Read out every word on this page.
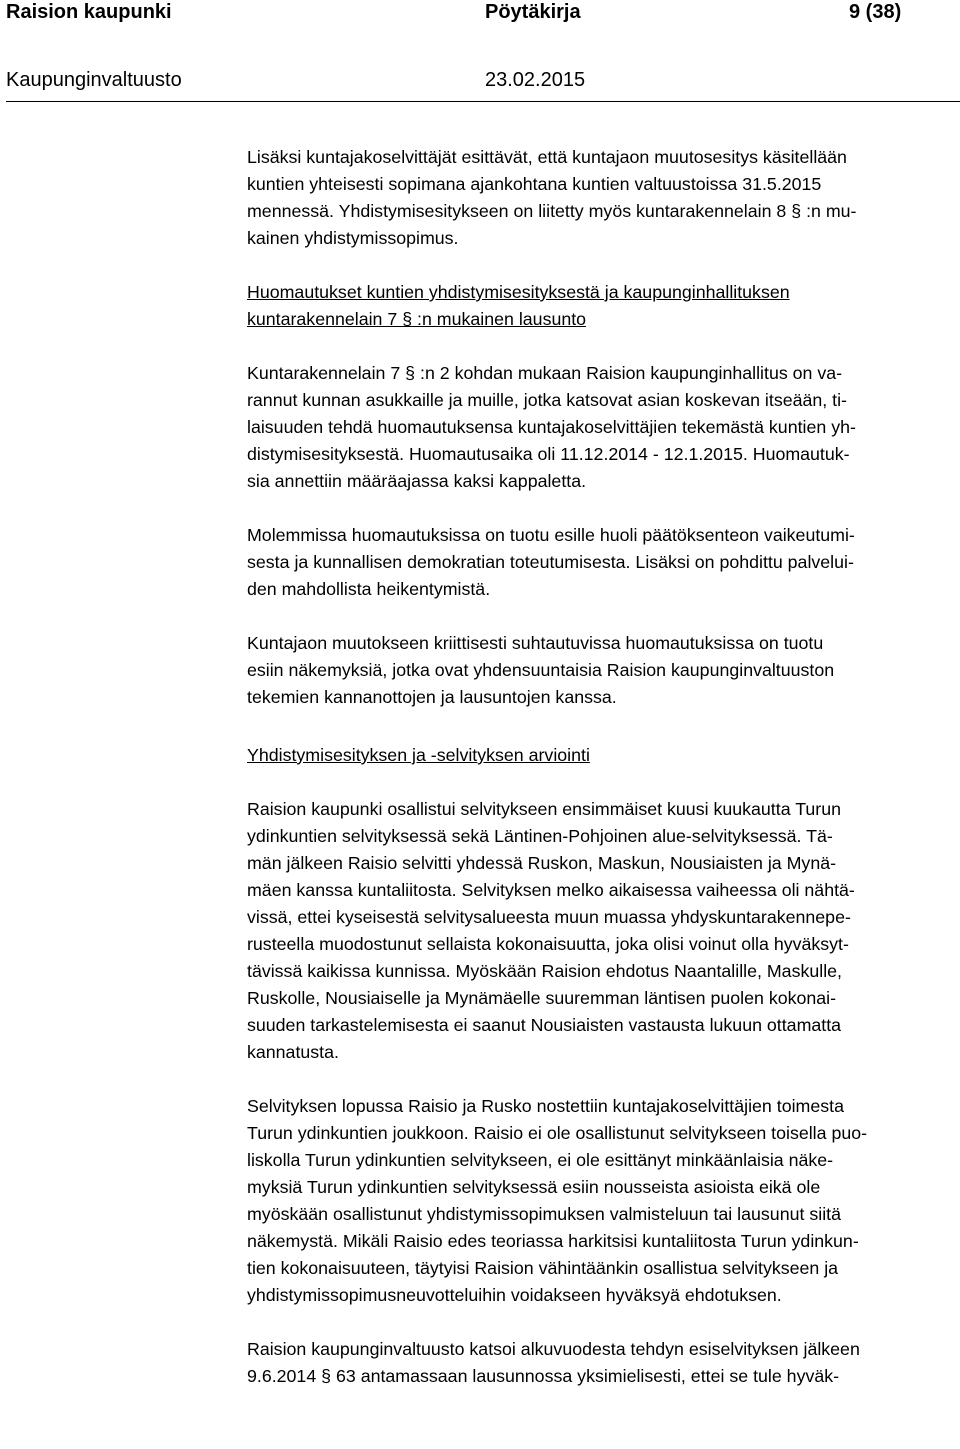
Raision kaupunki	Pöytäkirja	9 (38)
Kaupunginvaltuusto	23.02.2015
Lisäksi kuntajakoselvittäjät esittävät, että kuntajaon muutosesitys käsitellään
kuntien yhteisesti sopimana ajankohtana kuntien valtuustoissa 31.5.2015
mennessä. Yhdistymisesitykseen on liitetty myös kuntarakennelain 8 § :n mu-
kainen yhdistymissopimus.
Huomautukset kuntien yhdistymisesityksestä ja kaupunginhallituksen
kuntarakennelain 7 § :n mukainen lausunto
Kuntarakennelain 7 § :n 2 kohdan mukaan Raision kaupunginhallitus on va-
rannut kunnan asukkaille ja muille, jotka katsovat asian koskevan itseään, ti-
laisuuden tehdä huomautuksensa kuntajakoselvittäjien tekemästä kuntien yh-
distymisesityksestä. Huomautusaika oli 11.12.2014 - 12.1.2015. Huomautuk-
sia annettiin määräajassa kaksi kappaletta.
Molemmissa huomautuksissa on tuotu esille huoli päätöksenteon vaikeutumi-
sesta ja kunnallisen demokratian toteutumisesta. Lisäksi on pohdittu palvelui-
den mahdollista heikentymistä.
Kuntajaon muutokseen kriittisesti suhtautuvissa huomautuksissa on tuotu
esiin näkemyksiä, jotka ovat yhdensuuntaisia Raision kaupunginvaltuuston
tekemien kannanottojen ja lausuntojen kanssa.
Yhdistymisesityksen ja -selvityksen arviointi
Raision kaupunki osallistui selvitykseen ensimmäiset kuusi kuukautta Turun
ydinkuntien selvityksessä sekä Läntinen-Pohjoinen alue-selvityksessä. Tä-
män jälkeen Raisio selvitti yhdessä Ruskon, Maskun, Nousiaisten ja Mynä-
mäen kanssa kuntaliitosta. Selvityksen melko aikaisessa vaiheessa oli nähtä-
vissä, ettei kyseisestä selvitysalueesta muun muassa yhdyskuntarakennepe-
rusteella muodostunut sellaista kokonaisuutta, joka olisi voinut olla hyväksyt-
tävissä kaikissa kunnissa. Myöskään Raision ehdotus Naantalille, Maskulle,
Ruskolle, Nousiaiselle ja Mynämäelle suuremman läntisen puolen kokonai-
suuden tarkastelemisesta ei saanut Nousiaisten vastausta lukuun ottamatta
kannatusta.
Selvityksen lopussa Raisio ja Rusko nostettiin kuntajakoselvittäjien toimesta
Turun ydinkuntien joukkoon. Raisio ei ole osallistunut selvitykseen toisella puo-
liskolla Turun ydinkuntien selvitykseen, ei ole esittänyt minkäänlaisia näke-
myksiä Turun ydinkuntien selvityksessä esiin nousseista asioista eikä ole
myöskään osallistunut yhdistymissopimuksen valmisteluun tai lausunut siitä
näkemystä. Mikäli Raisio edes teoriassa harkitsisi kuntaliitosta Turun ydinkun-
tien kokonaisuuteen, täytyisi Raision vähintäänkin osallistua selvitykseen ja
yhdistymissopimusneuvotteluihin voidakseen hyväksyä ehdotuksen.
Raision kaupunginvaltuusto katsoi alkuvuodesta tehdyn esiselvityksen jälkeen
9.6.2014 § 63 antamassaan lausunnossa yksimielisesti, ettei se tule hyväk-
